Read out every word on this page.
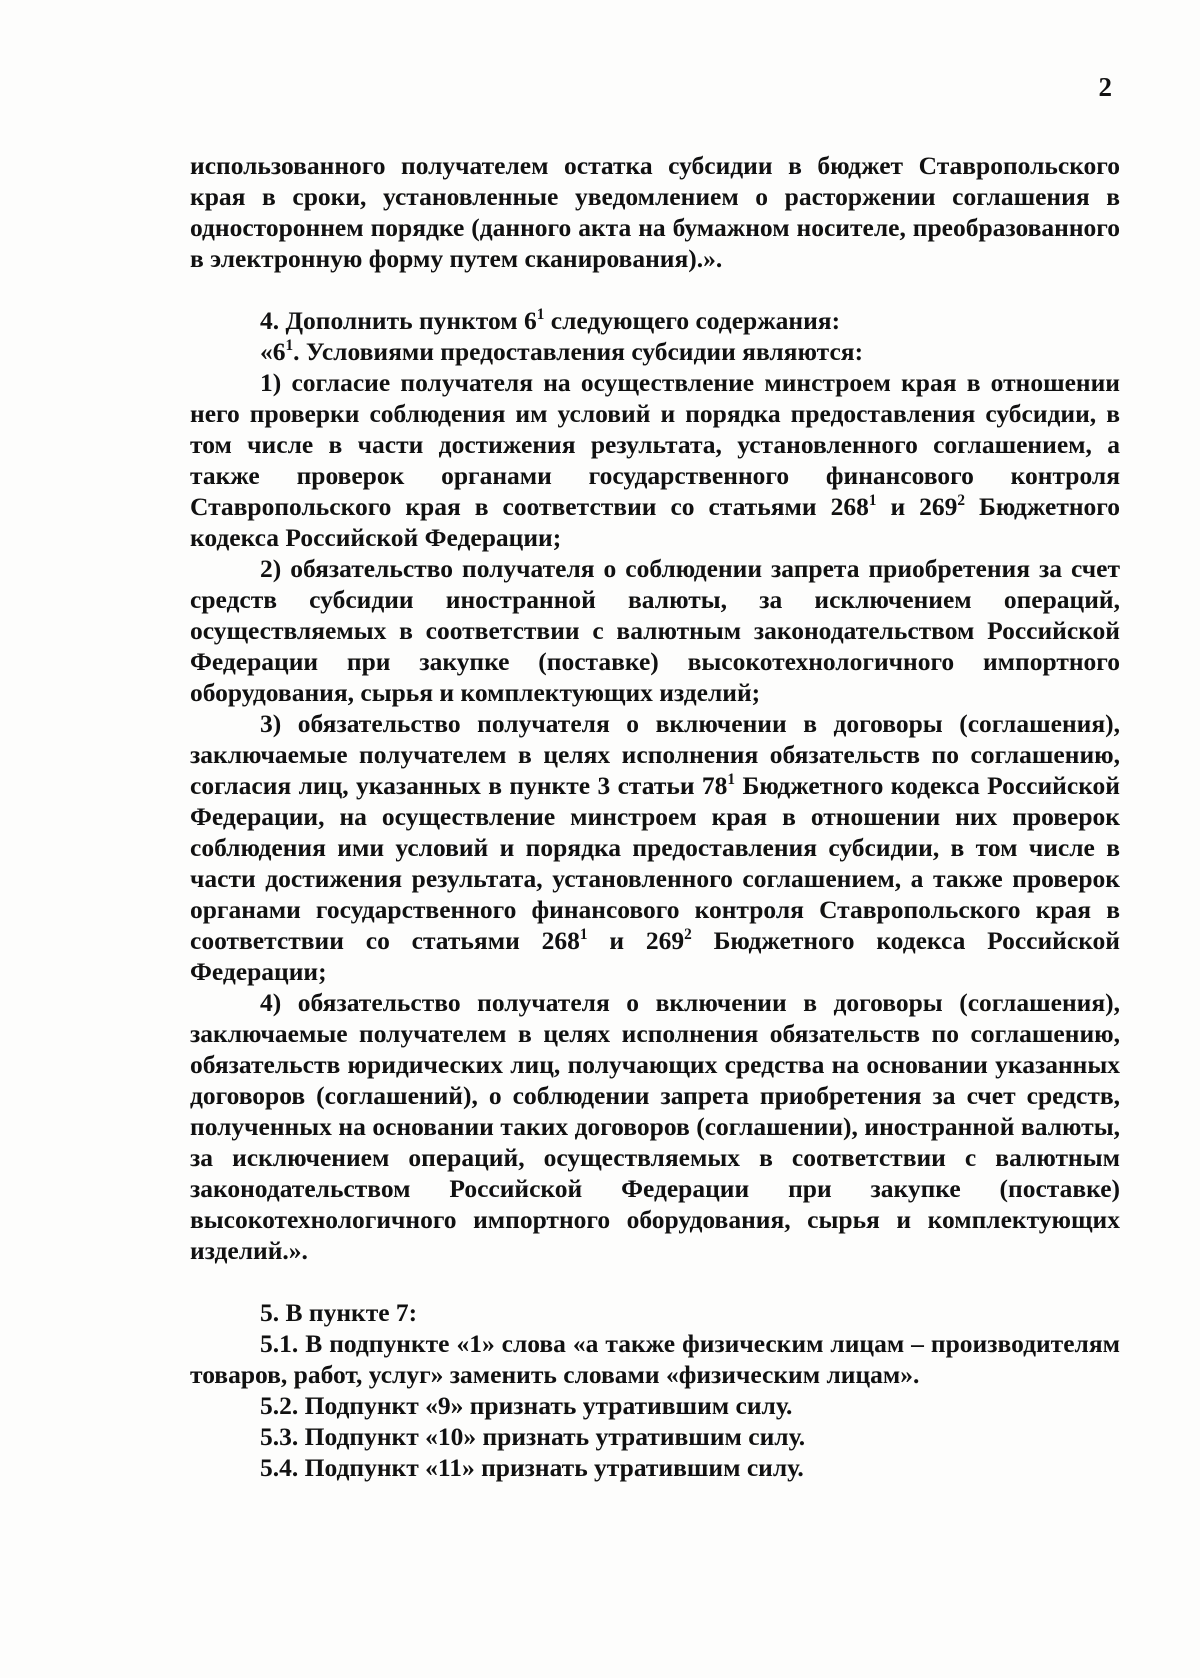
2

использованного получателем остатка субсидии в бюджет Ставропольского края в сроки, установленные уведомлением о расторжении соглашения в одностороннем порядке (данного акта на бумажном носителе, преобразованного в электронную форму путем сканирования).».

4. Дополнить пунктом $6^1$ следующего содержания:

«$6^1$. Условиями предоставления субсидии являются:

1) согласие получателя на осуществление минстроем края в отношении него проверки соблюдения им условий и порядка предоставления субсидии, в том числе в части достижения результата, установленного соглашением, а также проверок органами государственного финансового контроля Ставропольского края в соответствии со статьями $268^1$ и $269^2$ Бюджетного кодекса Российской Федерации;

2) обязательство получателя о соблюдении запрета приобретения за счет средств субсидии иностранной валюты, за исключением операций, осуществляемых в соответствии с валютным законодательством Российской Федерации при закупке (поставке) высокотехнологичного импортного оборудования, сырья и комплектующих изделий;

3) обязательство получателя о включении в договоры (соглашения), заключаемые получателем в целях исполнения обязательств по соглашению, согласия лиц, указанных в пункте 3 статьи $78^1$ Бюджетного кодекса Российской Федерации, на осуществление минстроем края в отношении них проверок соблюдения ими условий и порядка предоставления субсидии, в том числе в части достижения результата, установленного соглашением, а также проверок органами государственного финансового контроля Ставропольского края в соответствии со статьями $268^1$ и $269^2$ Бюджетного кодекса Российской Федерации;

4) обязательство получателя о включении в договоры (соглашения), заключаемые получателем в целях исполнения обязательств по соглашению, обязательств юридических лиц, получающих средства на основании указанных договоров (соглашений), о соблюдении запрета приобретения за счет средств, полученных на основании таких договоров (соглашении), иностранной валюты, за исключением операций, осуществляемых в соответствии с валютным законодательством Российской Федерации при закупке (поставке) высокотехнологичного импортного оборудования, сырья и комплектующих изделий.».

5. В пункте 7:

5.1. В подпункте «1» слова «а также физическим лицам – производителям товаров, работ, услуг» заменить словами «физическим лицам».

5.2. Подпункт «9» признать утратившим силу.

5.3. Подпункт «10» признать утратившим силу.

5.4. Подпункт «11» признать утратившим силу.
